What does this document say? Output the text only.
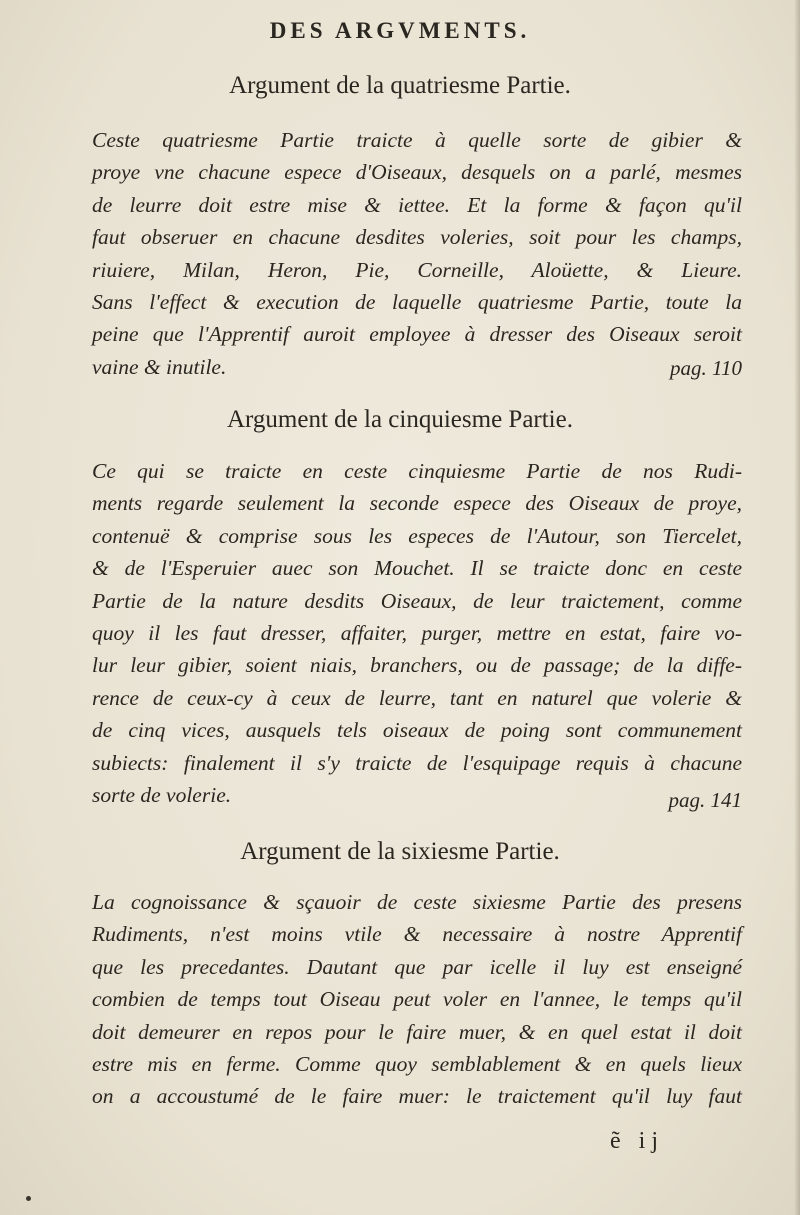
DES ARGVMENTS.
Argument de la quatriesme Partie.
Ceste quatriesme Partie traicte à quelle sorte de gibier &
proye vne chacune espece d'Oiseaux, desquels on a parlé, mesmes
de leurre doit estre mise & iettee. Et la forme & façon qu'il
faut obseruer en chacune desdites voleries, soit pour les champs,
riuiere, Milan, Heron, Pie, Corneille, Aloüette, & Lieure.
Sans l'effect & execution de laquelle quatriesme Partie, toute la
peine que l'Apprentif auroit employee à dresser des Oiseaux seroit
vaine & inutile.	pag. 110
Argument de la cinquiesme Partie.
Ce qui se traicte en ceste cinquiesme Partie de nos Rudi-
ments regarde seulement la seconde espece des Oiseaux de proye,
contenuë & comprise sous les especes de l'Autour, son Tiercelet,
& de l'Esperuier auec son Mouchet. Il se traicte donc en ceste
Partie de la nature desdits Oiseaux, de leur traictement, comme
quoy il les faut dresser, affaiter, purger, mettre en estat, faire vo-
lur leur gibier, soient niais, branchers, ou de passage; de la diffe-
rence de ceux-cy à ceux de leurre, tant en naturel que volerie &
de cinq vices, ausquels tels oiseaux de poing sont communement
subiects: finalement il s'y traicte de l'esquipage requis à chacune
sorte de volerie.	pag. 141
Argument de la sixiesme Partie.
La cognoissance & sçauoir de ceste sixiesme Partie des presens
Rudiments, n'est moins vtile & necessaire à nostre Apprentif
que les precedantes. Dautant que par icelle il luy est enseigné
combien de temps tout Oiseau peut voler en l'annee, le temps qu'il
doit demeurer en repos pour le faire muer, & en quel estat il doit
estre mis en ferme. Comme quoy semblablement & en quels lieux
on a accoustumé de le faire muer: le traictement qu'il luy faut
ẽ ij
